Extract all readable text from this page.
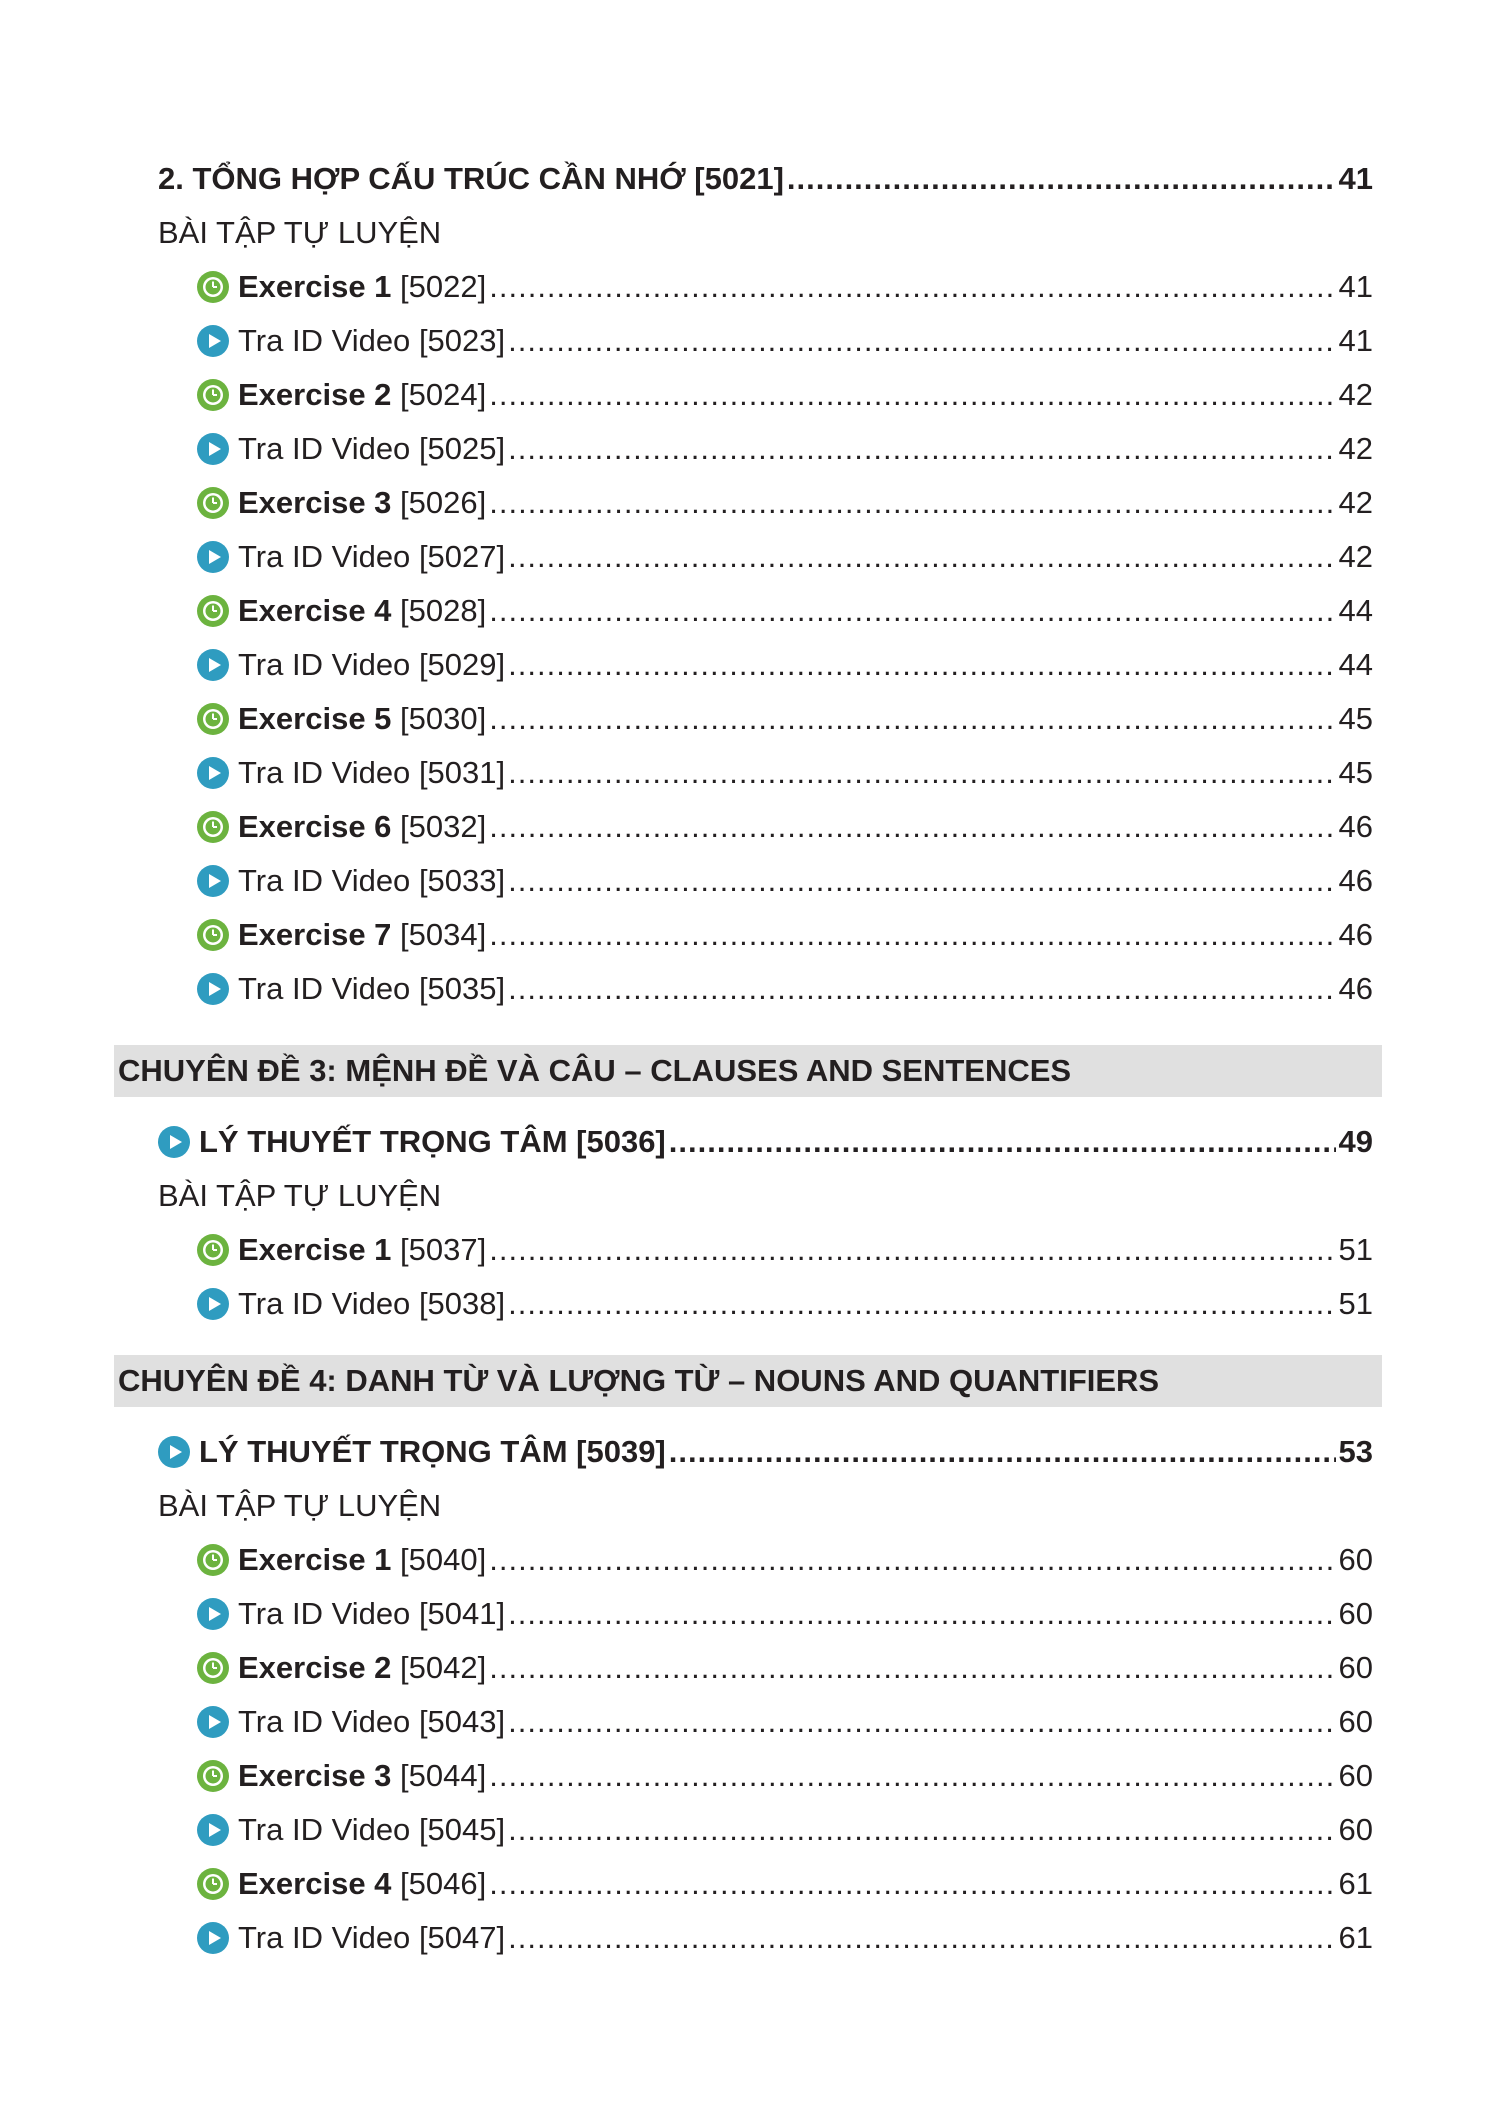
2. TỔNG HỢP CẤU TRÚC CẦN NHỚ [5021] .....	41
BÀI TẬP TỰ LUYỆN
Exercise 1 [5022] .....	41
Tra ID Video [5023] .....	41
Exercise 2 [5024] .....	42
Tra ID Video [5025] .....	42
Exercise 3 [5026] .....	42
Tra ID Video [5027] .....	42
Exercise 4 [5028] .....	44
Tra ID Video [5029] .....	44
Exercise 5 [5030] .....	45
Tra ID Video [5031] .....	45
Exercise 6 [5032] .....	46
Tra ID Video [5033] .....	46
Exercise 7 [5034] .....	46
Tra ID Video [5035] .....	46
CHUYÊN ĐỀ 3: MỆNH ĐỀ VÀ CÂU – CLAUSES AND SENTENCES
LÝ THUYẾT TRỌNG TÂM [5036] .....	49
BÀI TẬP TỰ LUYỆN
Exercise 1 [5037] .....	51
Tra ID Video [5038] .....	51
CHUYÊN ĐỀ 4: DANH TỪ VÀ LƯỢNG TỪ – NOUNS AND QUANTIFIERS
LÝ THUYẾT TRỌNG TÂM [5039] .....	53
BÀI TẬP TỰ LUYỆN
Exercise 1 [5040] .....	60
Tra ID Video [5041] .....	60
Exercise 2 [5042] .....	60
Tra ID Video [5043] .....	60
Exercise 3 [5044] .....	60
Tra ID Video [5045] .....	60
Exercise 4 [5046] .....	61
Tra ID Video [5047] .....	61
